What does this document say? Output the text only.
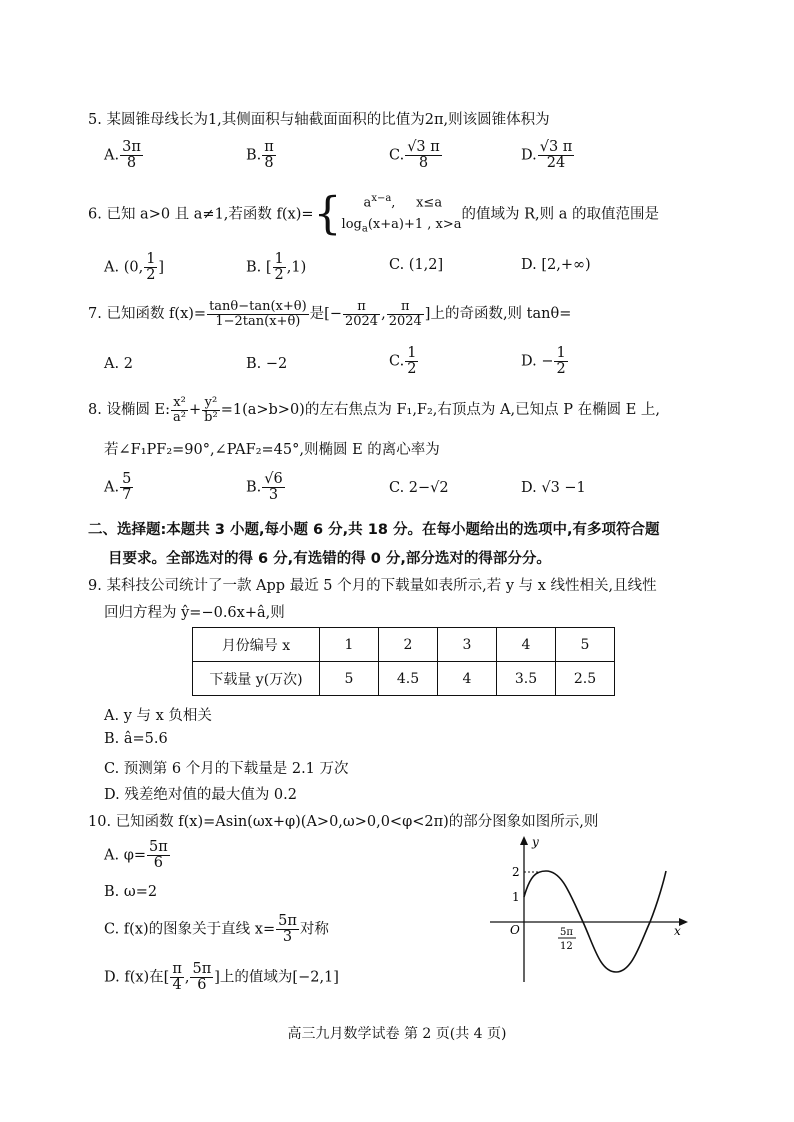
5. 某圆锥母线长为1,其侧面积与轴截面面积的比值为2π,则该圆锥体积为
A. $\frac{3\pi}{8}$	B. $\frac{\pi}{8}$	C. $\frac{√3 \pi}{8}$	D. $\frac{√3 \pi}{24}$
6. 已知 a>0 且 a≠1,若函数 f(x)={	$a^{x-a}$,     x≤a
$\log_a(x+a)+1$ , x>a
的值域为 R,则 a 的取值范围是
A. (0, $\frac{1}{2}$ ]	B. [ $\frac{1}{2} ,1$)	C. (1,2]	D. [2,+∞)
7. 已知函数 $f(x)= \frac{\tan\theta-\tan(x+\theta)}{1-2\tan(x+\theta)}$ 是[− $\frac{\pi}{2024}$ , $\frac{\pi}{2024}$ ]上的奇函数,则 tanθ=
A. 2	B. −2	C. $\frac{1}{2}$	D. − $\frac{1}{2}$
8. 设椭圆 E: $\frac{\text{x²}}{\text{a²}} + \frac{\text{y²}}{\text{b²}} =1(a>b>0)$的左右焦点为 F₁,F₂,右顶点为 A,已知点 P 在椭圆 E 上,
若∠F₁PF₂=90°,∠PAF₂=45°,则椭圆 E 的离心率为
A. $\frac{5}{7}$	B. $\frac{√6}{3}$	C. 2−√2	D. √3 −1
二、选择题:本题共 3 小题,每小题 6 分,共 18 分。在每小题给出的选项中,有多项符合题
目要求。全部选对的得 6 分,有选错的得 0 分,部分选对的得部分分。
9. 某科技公司统计了一款 App 最近 5 个月的下载量如表所示,若 y 与 x 线性相关,且线性
回归方程为 ŷ=−0.6x+â,则
月份编号 x	1	2	3	4	5
下载量 y(万次)	5	4.5	4	3.5	2.5
A. y 与 x 负相关
B. â=5.6
C. 预测第 6 个月的下载量是 2.1 万次
D. 残差绝对值的最大值为 0.2
10. 已知函数 f(x)=Asin(ωx+φ)(A>0,ω>0,0<φ<2π)的部分图象如图所示,则
A. $\varphi= \frac{5\pi}{6}$
B. ω=2
C. f(x)的图象关于直线 $x= \frac{5\pi}{3}$ 对称
D. f(x)在[ $\frac{\pi}{4}$ , $\frac{5\pi}{6}$ ]上的值域为[−2,1]
y
x
O
2
1
5π
12
高三九月数学试卷 第 2 页(共 4 页)
